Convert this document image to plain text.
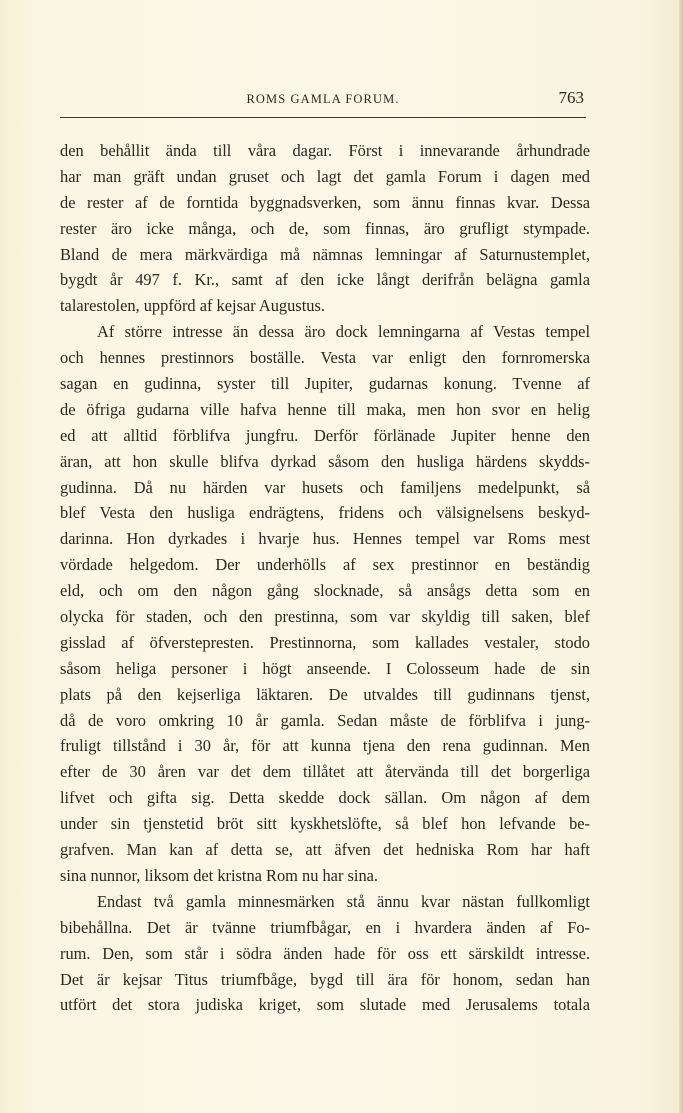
ROMS GAMLA FORUM.	763
den behållit ända till våra dagar. Först i innevarande århundrade
har man gräft undan gruset och lagt det gamla Forum i dagen med
de rester af de forntida byggnadsverken, som ännu finnas kvar. Dessa
rester äro icke många, och de, som finnas, äro grufligt stympade.
Bland de mera märkvärdiga må nämnas lemningar af Saturnustemplet,
bygdt år 497 f. Kr., samt af den icke långt derifrån belägna gamla
talarestolen, uppförd af kejsar Augustus.
Af större intresse än dessa äro dock lemningarna af Vestas tempel
och hennes prestinnors boställe. Vesta var enligt den fornromerska
sagan en gudinna, syster till Jupiter, gudarnas konung. Tvenne af
de öfriga gudarna ville hafva henne till maka, men hon svor en helig
ed att alltid förblifva jungfru. Derför förlänade Jupiter henne den
äran, att hon skulle blifva dyrkad såsom den husliga härdens skydds-
gudinna. Då nu härden var husets och familjens medelpunkt, så
blef Vesta den husliga endrägtens, fridens och välsignelsens beskyd-
darinna. Hon dyrkades i hvarje hus. Hennes tempel var Roms mest
vördade helgedom. Der underhölls af sex prestinnor en beständig
eld, och om den någon gång slocknade, så ansågs detta som en
olycka för staden, och den prestinna, som var skyldig till saken, blef
gisslad af öfverstepresten. Prestinnorna, som kallades vestaler, stodo
såsom heliga personer i högt anseende. I Colosseum hade de sin
plats på den kejserliga läktaren. De utvaldes till gudinnans tjenst,
då de voro omkring 10 år gamla. Sedan måste de förblifva i jung-
fruligt tillstånd i 30 år, för att kunna tjena den rena gudinnan. Men
efter de 30 åren var det dem tillåtet att återvända till det borgerliga
lifvet och gifta sig. Detta skedde dock sällan. Om någon af dem
under sin tjenstetid bröt sitt kyskhetslöfte, så blef hon lefvande be-
grafven. Man kan af detta se, att äfven det hedniska Rom har haft
sina nunnor, liksom det kristna Rom nu har sina.
Endast två gamla minnesmärken stå ännu kvar nästan fullkomligt
bibehållna. Det är tvänne triumfbågar, en i hvardera änden af Fo-
rum. Den, som står i södra änden hade för oss ett särskildt intresse.
Det är kejsar Titus triumfbåge, bygd till ära för honom, sedan han
utfört det stora judiska kriget, som slutade med Jerusalems totala
